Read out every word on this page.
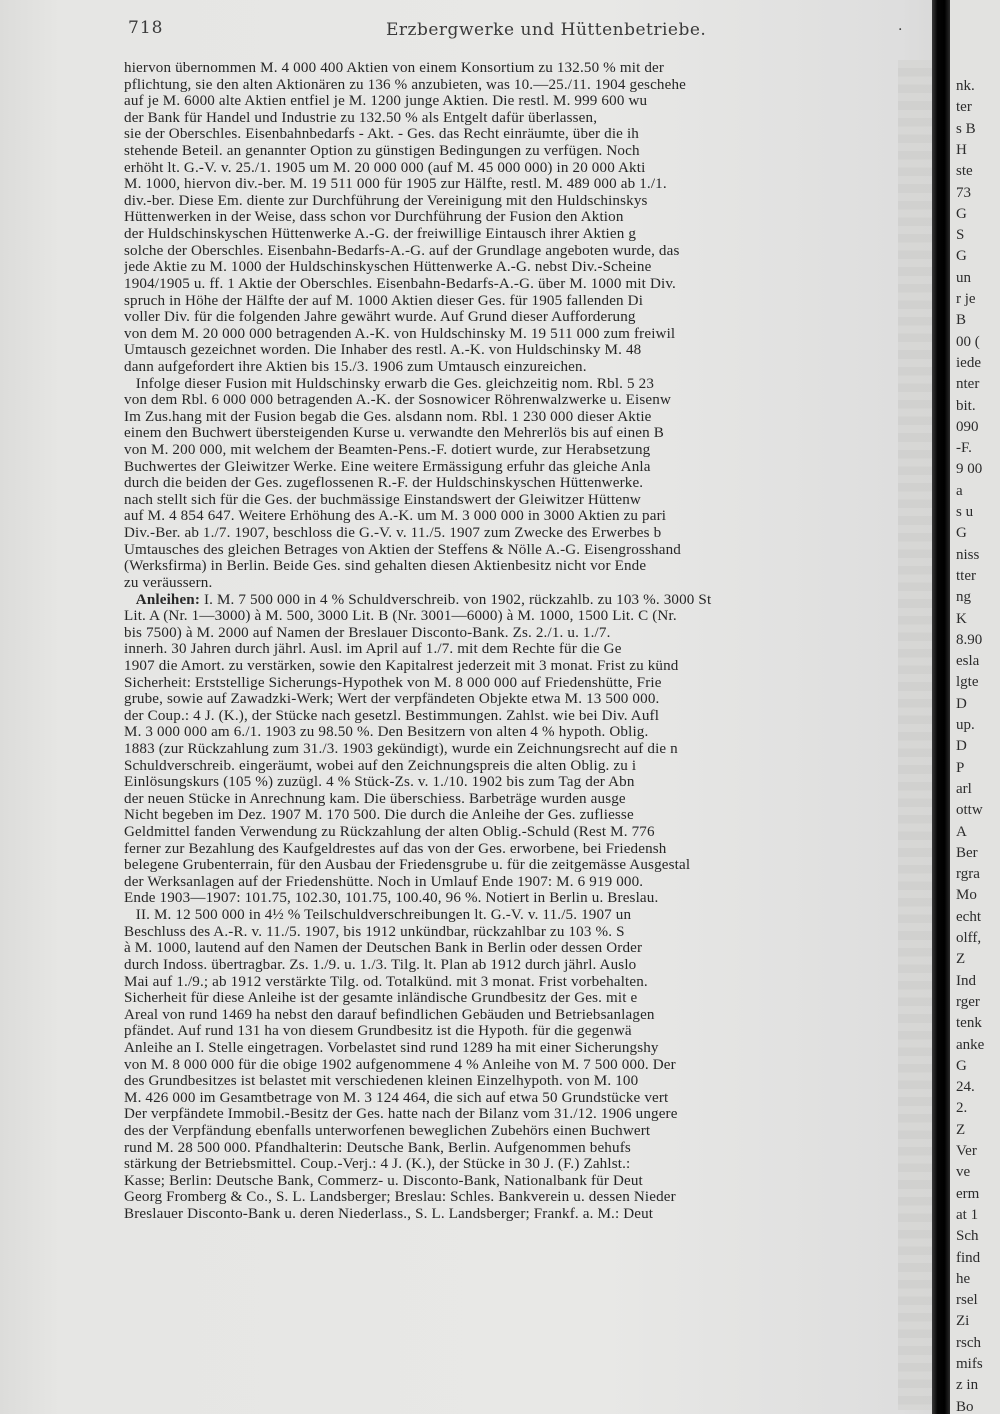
718	Erzbergwerke und Hüttenbetriebe.	.
hiervon übernommen M. 4 000 400 Aktien von einem Konsortium zu 132.50 % mit der
pflichtung, sie den alten Aktionären zu 136 % anzubieten, was 10.—25./11. 1904 geschehe
auf je M. 6000 alte Aktien entfiel je M. 1200 junge Aktien. Die restl. M. 999 600 wu
der Bank für Handel und Industrie zu 132.50 % als Entgelt dafür überlassen,
sie der Oberschles. Eisenbahnbedarfs - Akt. - Ges. das Recht einräumte, über die ih
stehende Beteil. an genannter Option zu günstigen Bedingungen zu verfügen. Noch
erhöht lt. G.-V. v. 25./1. 1905 um M. 20 000 000 (auf M. 45 000 000) in 20 000 Akti
M. 1000, hiervon div.-ber. M. 19 511 000 für 1905 zur Hälfte, restl. M. 489 000 ab 1./1.
div.-ber. Diese Em. diente zur Durchführung der Vereinigung mit den Huldschinskys
Hüttenwerken in der Weise, dass schon vor Durchführung der Fusion den Aktion
der Huldschinskyschen Hüttenwerke A.-G. der freiwillige Eintausch ihrer Aktien g
solche der Oberschles. Eisenbahn-Bedarfs-A.-G. auf der Grundlage angeboten wurde, das
jede Aktie zu M. 1000 der Huldschinskyschen Hüttenwerke A.-G. nebst Div.-Scheine
1904/1905 u. ff. 1 Aktie der Oberschles. Eisenbahn-Bedarfs-A.-G. über M. 1000 mit Div.
spruch in Höhe der Hälfte der auf M. 1000 Aktien dieser Ges. für 1905 fallenden Di
voller Div. für die folgenden Jahre gewährt wurde. Auf Grund dieser Aufforderung
von dem M. 20 000 000 betragenden A.-K. von Huldschinsky M. 19 511 000 zum freiwil
Umtausch gezeichnet worden. Die Inhaber des restl. A.-K. von Huldschinsky M. 48
dann aufgefordert ihre Aktien bis 15./3. 1906 zum Umtausch einzureichen.
Infolge dieser Fusion mit Huldschinsky erwarb die Ges. gleichzeitig nom. Rbl. 5 23
von dem Rbl. 6 000 000 betragenden A.-K. der Sosnowicer Röhrenwalzwerke u. Eisenw
Im Zus.hang mit der Fusion begab die Ges. alsdann nom. Rbl. 1 230 000 dieser Aktie
einem den Buchwert übersteigenden Kurse u. verwandte den Mehrerlös bis auf einen B
von M. 200 000, mit welchem der Beamten-Pens.-F. dotiert wurde, zur Herabsetzung
Buchwertes der Gleiwitzer Werke. Eine weitere Ermässigung erfuhr das gleiche Anla
durch die beiden der Ges. zugeflossenen R.-F. der Huldschinskyschen Hüttenwerke.
nach stellt sich für die Ges. der buchmässige Einstandswert der Gleiwitzer Hüttenw
auf M. 4 854 647. Weitere Erhöhung des A.-K. um M. 3 000 000 in 3000 Aktien zu pari
Div.-Ber. ab 1./7. 1907, beschloss die G.-V. v. 11./5. 1907 zum Zwecke des Erwerbes b
Umtausches des gleichen Betrages von Aktien der Steffens & Nölle A.-G. Eisengrosshand
(Werksfirma) in Berlin. Beide Ges. sind gehalten diesen Aktienbesitz nicht vor Ende
zu veräussern.
Anleihen: I. M. 7 500 000 in 4 % Schuldverschreib. von 1902, rückzahlb. zu 103 %. 3000 St
Lit. A (Nr. 1—3000) à M. 500, 3000 Lit. B (Nr. 3001—6000) à M. 1000, 1500 Lit. C (Nr.
bis 7500) à M. 2000 auf Namen der Breslauer Disconto-Bank. Zs. 2./1. u. 1./7.
innerh. 30 Jahren durch jährl. Ausl. im April auf 1./7. mit dem Rechte für die Ge
1907 die Amort. zu verstärken, sowie den Kapitalrest jederzeit mit 3 monat. Frist zu künd
Sicherheit: Erststellige Sicherungs-Hypothek von M. 8 000 000 auf Friedenshütte, Frie
grube, sowie auf Zawadzki-Werk; Wert der verpfändeten Objekte etwa M. 13 500 000.
der Coup.: 4 J. (K.), der Stücke nach gesetzl. Bestimmungen. Zahlst. wie bei Div. Aufl
M. 3 000 000 am 6./1. 1903 zu 98.50 %. Den Besitzern von alten 4 % hypoth. Oblig.
1883 (zur Rückzahlung zum 31./3. 1903 gekündigt), wurde ein Zeichnungsrecht auf die n
Schuldverschreib. eingeräumt, wobei auf den Zeichnungspreis die alten Oblig. zu i
Einlösungskurs (105 %) zuzügl. 4 % Stück-Zs. v. 1./10. 1902 bis zum Tag der Abn
der neuen Stücke in Anrechnung kam. Die überschiess. Barbeträge wurden ausge
Nicht begeben im Dez. 1907 M. 170 500. Die durch die Anleihe der Ges. zufliesse
Geldmittel fanden Verwendung zu Rückzahlung der alten Oblig.-Schuld (Rest M. 776
ferner zur Bezahlung des Kaufgeldrestes auf das von der Ges. erworbene, bei Friedensh
belegene Grubenterrain, für den Ausbau der Friedensgrube u. für die zeitgemässe Ausgestal
der Werksanlagen auf der Friedenshütte. Noch in Umlauf Ende 1907: M. 6 919 000.
Ende 1903—1907: 101.75, 102.30, 101.75, 100.40, 96 %. Notiert in Berlin u. Breslau.
II. M. 12 500 000 in 4½ % Teilschuldverschreibungen lt. G.-V. v. 11./5. 1907 un
Beschluss des A.-R. v. 11./5. 1907, bis 1912 unkündbar, rückzahlbar zu 103 %. S
à M. 1000, lautend auf den Namen der Deutschen Bank in Berlin oder dessen Order
durch Indoss. übertragbar. Zs. 1./9. u. 1./3. Tilg. lt. Plan ab 1912 durch jährl. Auslo
Mai auf 1./9.; ab 1912 verstärkte Tilg. od. Totalkünd. mit 3 monat. Frist vorbehalten.
Sicherheit für diese Anleihe ist der gesamte inländische Grundbesitz der Ges. mit e
Areal von rund 1469 ha nebst den darauf befindlichen Gebäuden und Betriebsanlagen
pfändet. Auf rund 131 ha von diesem Grundbesitz ist die Hypoth. für die gegenwä
Anleihe an I. Stelle eingetragen. Vorbelastet sind rund 1289 ha mit einer Sicherungshy
von M. 8 000 000 für die obige 1902 aufgenommene 4 % Anleihe von M. 7 500 000. Der
des Grundbesitzes ist belastet mit verschiedenen kleinen Einzelhypoth. von M. 100
M. 426 000 im Gesamtbetrage von M. 3 124 464, die sich auf etwa 50 Grundstücke vert
Der verpfändete Immobil.-Besitz der Ges. hatte nach der Bilanz vom 31./12. 1906 ungere
des der Verpfändung ebenfalls unterworfenen beweglichen Zubehörs einen Buchwert
rund M. 28 500 000. Pfandhalterin: Deutsche Bank, Berlin. Aufgenommen behufs
stärkung der Betriebsmittel. Coup.-Verj.: 4 J. (K.), der Stücke in 30 J. (F.) Zahlst.:
Kasse; Berlin: Deutsche Bank, Commerz- u. Disconto-Bank, Nationalbank für Deut
Georg Fromberg & Co., S. L. Landsberger; Breslau: Schles. Bankverein u. dessen Nieder
Breslauer Disconto-Bank u. deren Niederlass., S. L. Landsberger; Frankf. a. M.: Deut
nk.
ter
s B
H
ste
73
G
S
G
un
r je
B
00 (
iede
nter
bit.
090
-F.
9 00
a
s u
G
niss
tter
ng
K
8.90
esla
lgte
D
up.
D
P
arl
ottw
A
Ber
rgra
Mo
echt
olff,
Z
Ind
rger
tenk
anke
G
24.
2.
Z
Ver
ve
erm
at 1
Sch
find
he
rsel
Zi
rsch
mifs
z in
Bo
